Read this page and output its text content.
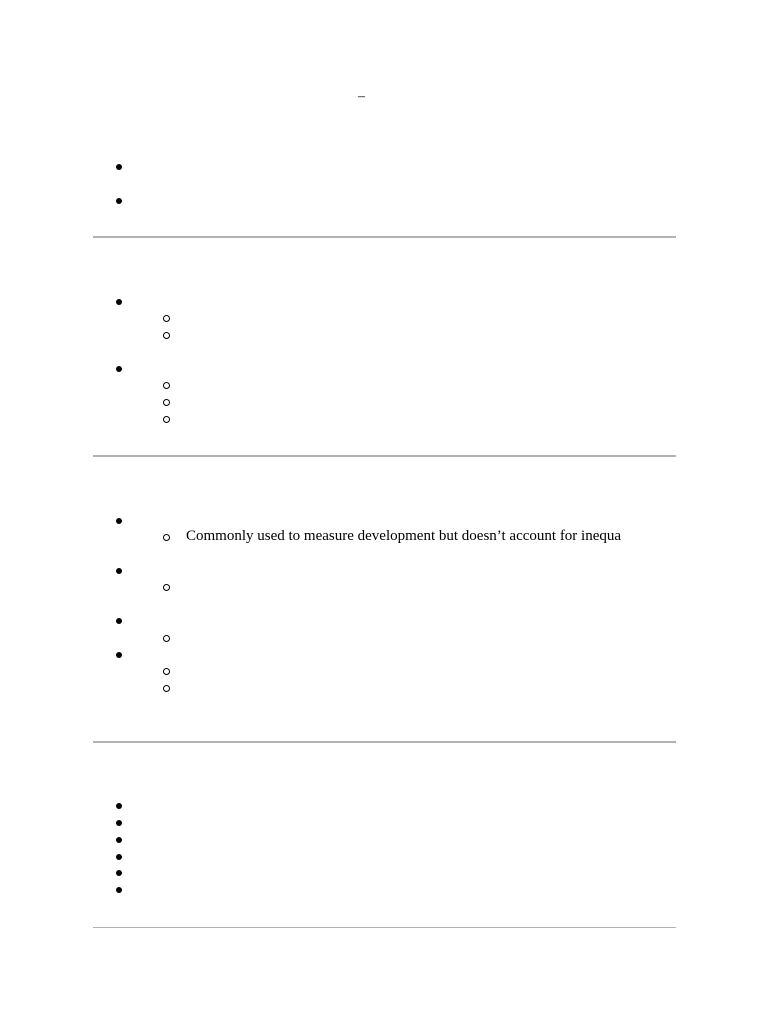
–
Commonly used to measure development but doesn’t account for inequa
